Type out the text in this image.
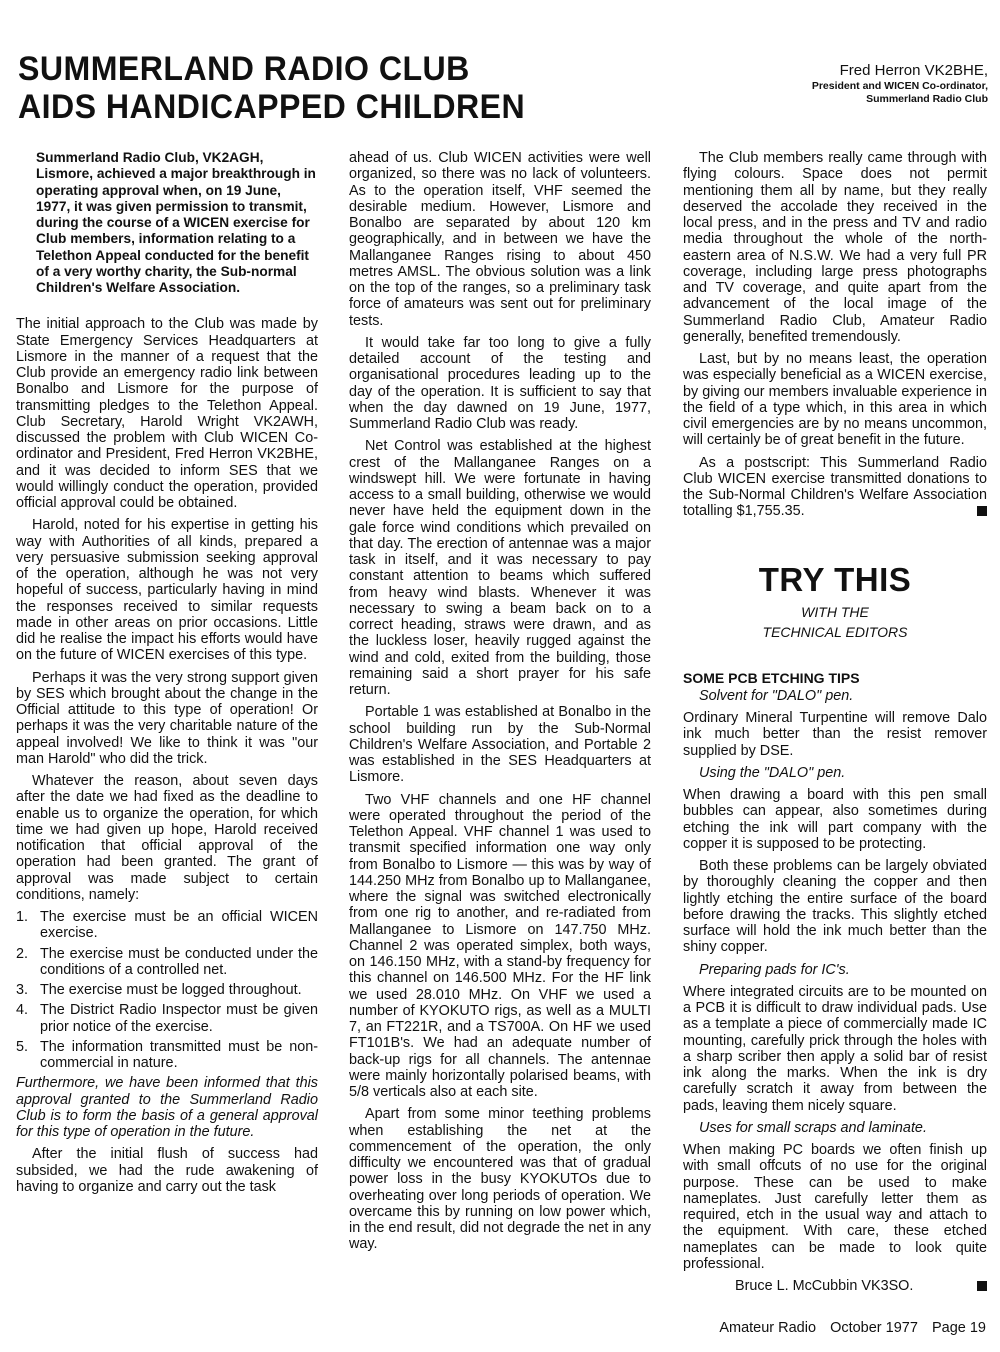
SUMMERLAND RADIO CLUB
AIDS HANDICAPPED CHILDREN
Fred Herron VK2BHE,
President and WICEN Co-ordinator,
Summerland Radio Club
Summerland Radio Club, VK2AGH, Lismore, achieved a major breakthrough in operating approval when, on 19 June, 1977, it was given permission to transmit, during the course of a WICEN exercise for Club members, information relating to a Telethon Appeal conducted for the benefit of a very worthy charity, the Sub-normal Children's Welfare Association.

The initial approach to the Club was made by State Emergency Services Headquarters at Lismore in the manner of a request that the Club provide an emergency radio link between Bonalbo and Lismore for the purpose of transmitting pledges to the Telethon Appeal. Club Secretary, Harold Wright VK2AWH, discussed the problem with Club WICEN Co-ordinator and President, Fred Herron VK2BHE, and it was decided to inform SES that we would willingly conduct the operation, provided official approval could be obtained.

Harold, noted for his expertise in getting his way with Authorities of all kinds, prepared a very persuasive submission seeking approval of the operation, although he was not very hopeful of success, particularly having in mind the responses received to similar requests made in other areas on prior occasions. Little did he realise the impact his efforts would have on the future of WICEN exercises of this type.

Perhaps it was the very strong support given by SES which brought about the change in the Official attitude to this type of operation! Or perhaps it was the very charitable nature of the appeal involved! We like to think it was "our man Harold" who did the trick.

Whatever the reason, about seven days after the date we had fixed as the deadline to enable us to organize the operation, for which time we had given up hope, Harold received notification that official approval of the operation had been granted. The grant of approval was made subject to certain conditions, namely:

1. The exercise must be an official WICEN exercise.
2. The exercise must be conducted under the conditions of a controlled net.
3. The exercise must be logged throughout.
4. The District Radio Inspector must be given prior notice of the exercise.
5. The information transmitted must be non-commercial in nature.

Furthermore, we have been informed that this approval granted to the Summerland Radio Club is to form the basis of a general approval for this type of operation in the future.

After the initial flush of success had subsided, we had the rude awakening of having to organize and carry out the task

ahead of us. Club WICEN activities were well organized, so there was no lack of volunteers. As to the operation itself, VHF seemed the desirable medium. However, Lismore and Bonalbo are separated by about 120 km geographically, and in between we have the Mallanganee Ranges rising to about 450 metres AMSL. The obvious solution was a link on the top of the ranges, so a preliminary task force of amateurs was sent out for preliminary tests.

It would take far too long to give a fully detailed account of the testing and organisational procedures leading up to the day of the operation. It is sufficient to say that when the day dawned on 19 June, 1977, Summerland Radio Club was ready.

Net Control was established at the highest crest of the Mallanganee Ranges on a windswept hill. We were fortunate in having access to a small building, otherwise we would never have held the equipment down in the gale force wind conditions which prevailed on that day. The erection of antennae was a major task in itself, and it was necessary to pay constant attention to beams which suffered from heavy wind blasts. Whenever it was necessary to swing a beam back on to a correct heading, straws were drawn, and as the luckless loser, heavily rugged against the wind and cold, exited from the building, those remaining said a short prayer for his safe return.

Portable 1 was established at Bonalbo in the school building run by the Sub-Normal Children's Welfare Association, and Portable 2 was established in the SES Headquarters at Lismore.

Two VHF channels and one HF channel were operated throughout the period of the Telethon Appeal. VHF channel 1 was used to transmit specified information one way only from Bonalbo to Lismore — this was by way of 144.250 MHz from Bonalbo up to Mallanganee, where the signal was switched electronically from one rig to another, and re-radiated from Mallanganee to Lismore on 147.750 MHz. Channel 2 was operated simplex, both ways, on 146.150 MHz, with a stand-by frequency for this channel on 146.500 MHz. For the HF link we used 28.010 MHz. On VHF we used a number of KYOKUTO rigs, as well as a MULTI 7, an FT221R, and a TS700A. On HF we used FT101B's. We had an adequate number of back-up rigs for all channels. The antennae were mainly horizontally polarised beams, with 5/8 verticals also at each site.

Apart from some minor teething problems when establishing the net at the commencement of the operation, the only difficulty we encountered was that of gradual power loss in the busy KYOKUTOs due to overheating over long periods of operation. We overcame this by running on low power which, in the end result, did not degrade the net in any way.

The Club members really came through with flying colours. Space does not permit mentioning them all by name, but they really deserved the accolade they received in the local press, and in the press and TV and radio media throughout the whole of the north-eastern area of N.S.W. We had a very full PR coverage, including large press photographs and TV coverage, and quite apart from the advancement of the local image of the Summerland Radio Club, Amateur Radio generally, benefited tremendously.

Last, but by no means least, the operation was especially beneficial as a WICEN exercise, by giving our members invaluable experience in the field of a type which, in this area in which civil emergencies are by no means uncommon, will certainly be of great benefit in the future.

As a postscript: This Summerland Radio Club WICEN exercise transmitted donations to the Sub-Normal Children's Welfare Association totalling $1,755.35.

TRY THIS
WITH THE
TECHNICAL EDITORS
SOME PCB ETCHING TIPS

Solvent for "DALO" pen.

Ordinary Mineral Turpentine will remove Dalo ink much better than the resist remover supplied by DSE.

Using the "DALO" pen.

When drawing a board with this pen small bubbles can appear, also sometimes during etching the ink will part company with the copper it is supposed to be protecting.

Both these problems can be largely obviated by thoroughly cleaning the copper and then lightly etching the entire surface of the board before drawing the tracks. This slightly etched surface will hold the ink much better than the shiny copper.

Preparing pads for IC's.

Where integrated circuits are to be mounted on a PCB it is difficult to draw individual pads. Use as a template a piece of commercially made IC mounting, carefully prick through the holes with a sharp scriber then apply a solid bar of resist ink along the marks. When the ink is dry carefully scratch it away from between the pads, leaving them nicely square.

Uses for small scraps and laminate.

When making PC boards we often finish up with small offcuts of no use for the original purpose. These can be used to make nameplates. Just carefully letter them as required, etch in the usual way and attach to the equipment. With care, these etched nameplates can be made to look quite professional.

Bruce L. McCubbin VK3SO.

Amateur Radio October 1977 Page 19
